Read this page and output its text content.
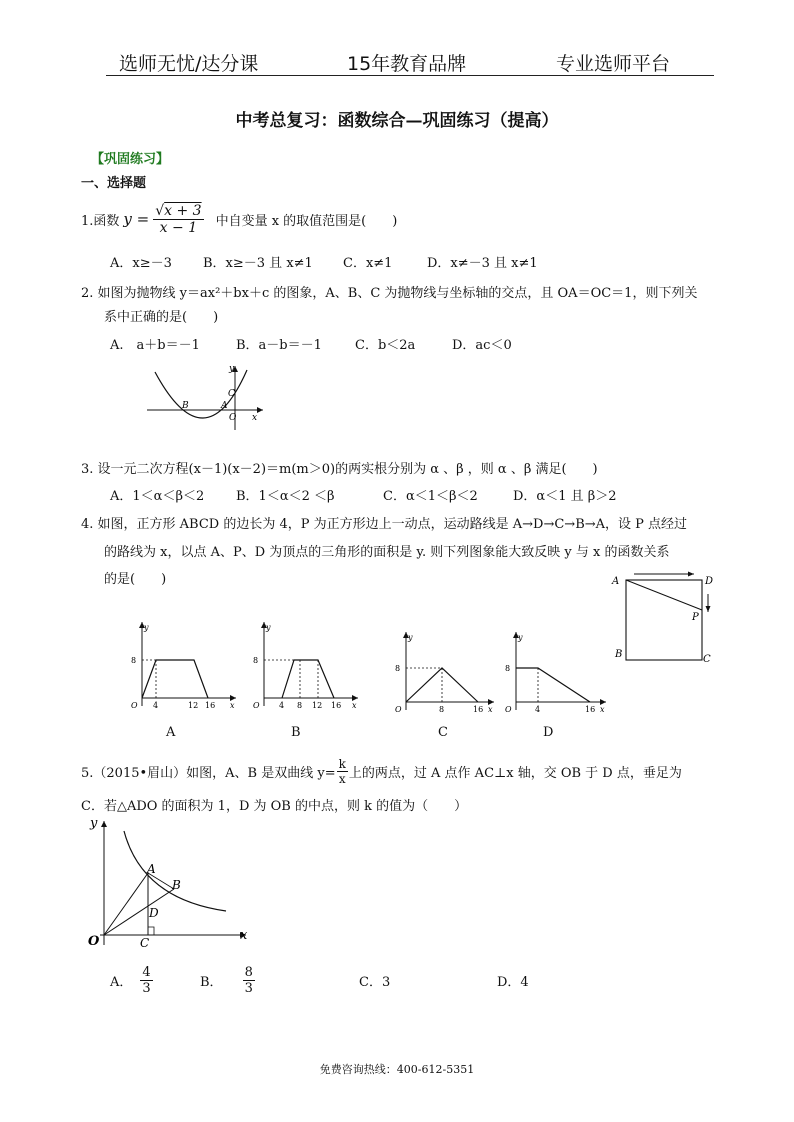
选师无忧/达分课	15年教育品牌	专业选师平台
中考总复习：函数综合—巩固练习（提高）
【巩固练习】
一、选择题
1.函数 $y = \frac{√x + 3}{x - 1}$ 中自变量 x 的取值范围是(　　)
A．x≥－3 B．x≥－3 且 x≠1 C．x≠1	D．x≠－3 且 x≠1
2. 如图为抛物线 y＝ax²＋bx＋c 的图象，A、B、C 为抛物线与坐标轴的交点，且 OA＝OC＝1，则下列关
系中正确的是(　　)
A.　a＋b＝－1	B．a－b＝－1	C．b＜2a	D．ac＜0
y
x
O
C
A
B
3. 设一元二次方程(x－1)(x－2)＝m(m＞0)的两实根分别为 α 、β ，则 α 、β 满足(　　)
A．1＜α＜β＜2 B．1＜α＜2 ＜β	C．α＜1＜β＜2	D．α＜1 且 β＞2
4. 如图，正方形 ABCD 的边长为 4，P 为正方形边上一动点，运动路线是 A→D→C→B→A，设 P 点经过
的路线为 x，以点 A、P、D 为顶点的三角形的面积是 y. 则下列图象能大致反映 y 与 x 的函数关系
的是(　　)	A	D
P
B	C
y
x
O
8
4	12 16
A
y
x
O
8
4 8 12 16
B
y
x
O
8
8	16
C
y
x
O
8
4	16
D
5.（2015•眉山）如图，A、B 是双曲线 $y= \frac{k}{x}$ 上的两点，过 A 点作 AC⊥x 轴，交 OB 于 D 点，垂足为
C．若△ADO 的面积为 1，D 为 OB 的中点，则 k 的值为（　　）
y
x
O
A
B
D
C
A． $\frac{4}{3}$	B． $\frac{8}{3}$	C．3	D．4
免费咨询热线：400-612-5351
